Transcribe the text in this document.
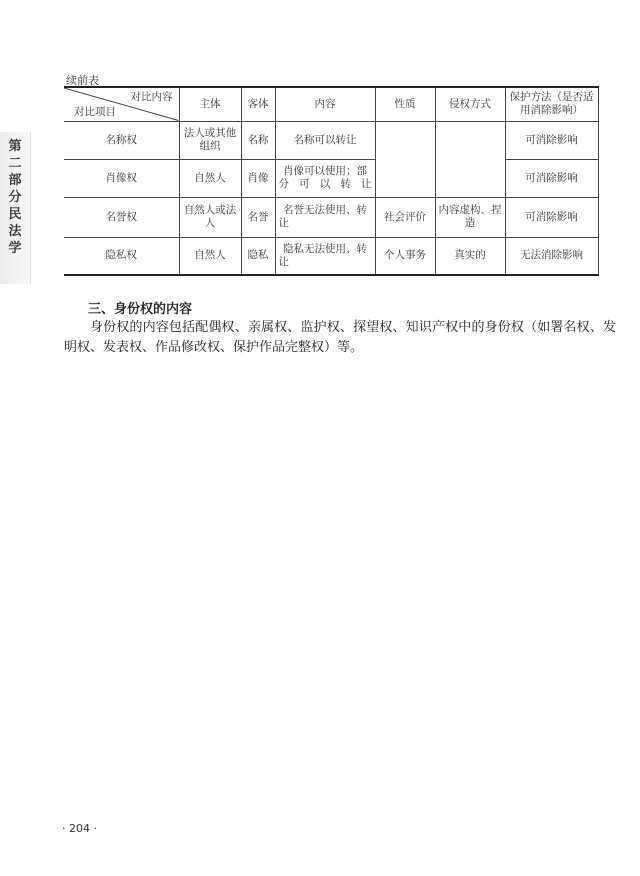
第二部分 民法学
续前表
对比内容
对比项目	主体	客体	内容	性质	侵权方式	保护方法（是否适用消除影响）
名称权	法人或其他组织	名称	名称可以转让			可消除影响
肖像权	自然人	肖像	肖像可以使用；部分可以转让			可消除影响
名誉权	自然人或法人	名誉	名誉无法使用、转让	社会评价	内容虚构、捏造	可消除影响
隐私权	自然人	隐私	隐私无法使用、转让	个人事务	真实的	无法消除影响
三、身份权的内容
身份权的内容包括配偶权、亲属权、监护权、探望权、知识产权中的身份权（如署名权、发明权、发表权、作品修改权、保护作品完整权）等。
· 204 ·
